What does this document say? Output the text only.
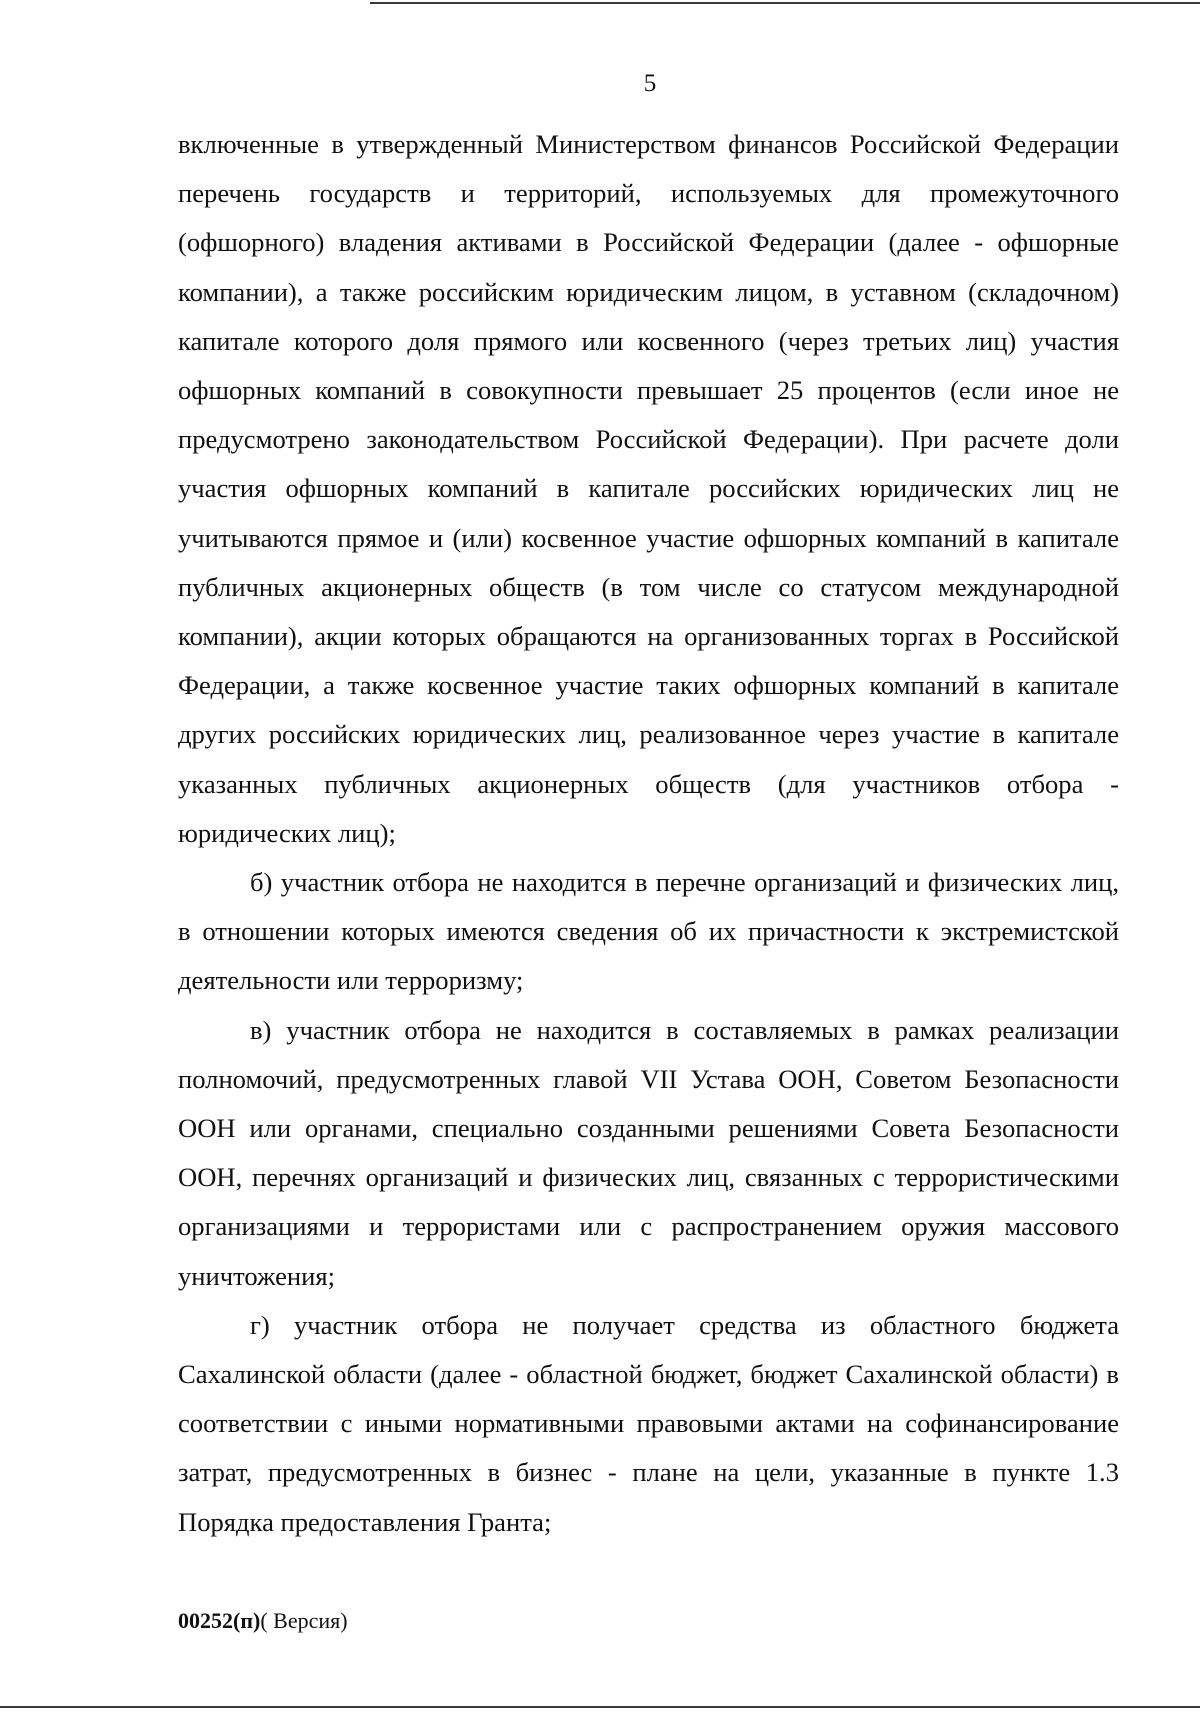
5

включенные в утвержденный Министерством финансов Российской Федерации перечень государств и территорий, используемых для промежуточного (офшорного) владения активами в Российской Федерации (далее - офшорные компании), а также российским юридическим лицом, в уставном (складочном) капитале которого доля прямого или косвенного (через третьих лиц) участия офшорных компаний в совокупности превышает 25 процентов (если иное не предусмотрено законодательством Российской Федерации). При расчете доли участия офшорных компаний в капитале российских юридических лиц не учитываются прямое и (или) косвенное участие офшорных компаний в капитале публичных акционерных обществ (в том числе со статусом международной компании), акции которых обращаются на организованных торгах в Российской Федерации, а также косвенное участие таких офшорных компаний в капитале других российских юридических лиц, реализованное через участие в капитале указанных публичных акционерных обществ (для участников отбора - юридических лиц);

б) участник отбора не находится в перечне организаций и физических лиц, в отношении которых имеются сведения об их причастности к экстремистской деятельности или терроризму;

в) участник отбора не находится в составляемых в рамках реализации полномочий, предусмотренных главой VII Устава ООН, Советом Безопасности ООН или органами, специально созданными решениями Совета Безопасности ООН, перечнях организаций и физических лиц, связанных с террористическими организациями и террористами или с распространением оружия массового уничтожения;

г) участник отбора не получает средства из областного бюджета Сахалинской области (далее - областной бюджет, бюджет Сахалинской области) в соответствии с иными нормативными правовыми актами на софинансирование затрат, предусмотренных в бизнес - плане на цели, указанные в пункте 1.3 Порядка предоставления Гранта;

00252(п)( Версия)
